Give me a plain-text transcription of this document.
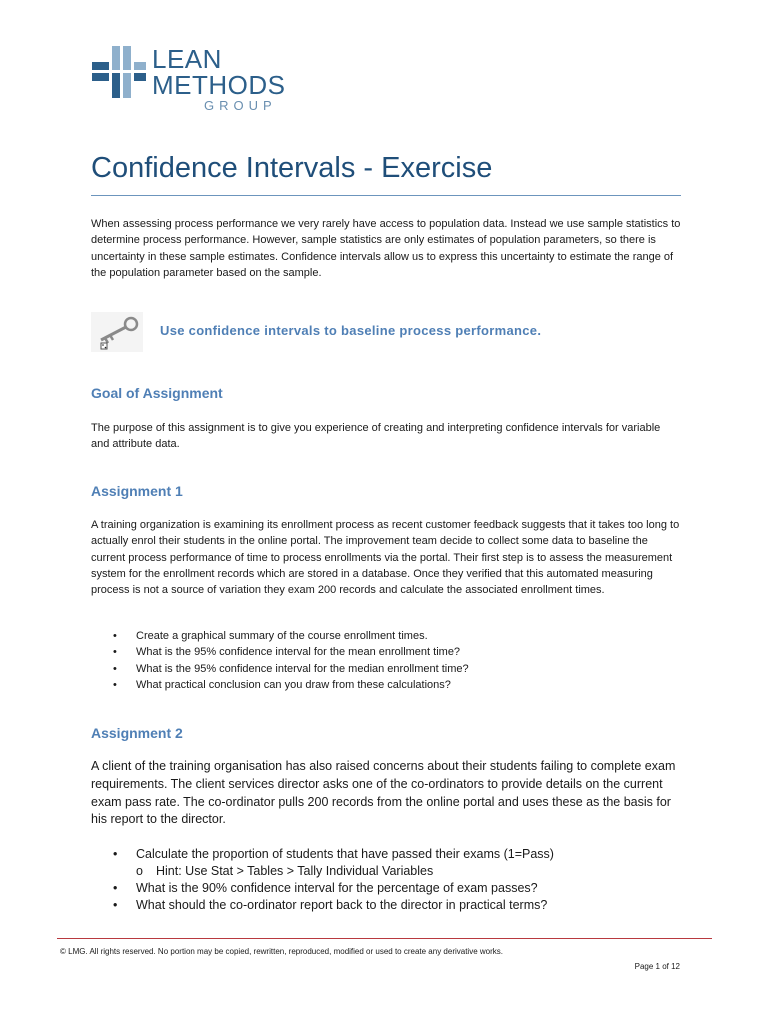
LEAN
METHODS
GROUP
Confidence Intervals - Exercise

When assessing process performance we very rarely have access to population data. Instead we use sample statistics to determine process performance. However, sample statistics are only estimates of population parameters, so there is uncertainty in these sample estimates. Confidence intervals allow us to express this uncertainty to estimate the range of the population parameter based on the sample.

Use confidence intervals to baseline process performance.
Goal of Assignment

The purpose of this assignment is to give you experience of creating and interpreting confidence intervals for variable and attribute data.

Assignment 1

A training organization is examining its enrollment process as recent customer feedback suggests that it takes too long to actually enrol their students in the online portal. The improvement team decide to collect some data to baseline the current process performance of time to process enrollments via the portal. Their first step is to assess the measurement system for the enrollment records which are stored in a database. Once they verified that this automated measuring process is not a source of variation they exam 200 records and calculate the associated enrollment times.

• Create a graphical summary of the course enrollment times.
• What is the 95% confidence interval for the mean enrollment time?
• What is the 95% confidence interval for the median enrollment time?
• What practical conclusion can you draw from these calculations?
Assignment 2

A client of the training organisation has also raised concerns about their students failing to complete exam requirements. The client services director asks one of the co-ordinators to provide details on the current exam pass rate. The co-ordinator pulls 200 records from the online portal and uses these as the basis for his report to the director.

• Calculate the proportion of students that have passed their exams (1=Pass)
o Hint: Use Stat > Tables > Tally Individual Variables
• What is the 90% confidence interval for the percentage of exam passes?
• What should the co-ordinator report back to the director in practical terms?
© LMG. All rights reserved. No portion may be copied, rewritten, reproduced, modified or used to create any derivative works.
Page 1 of 12
